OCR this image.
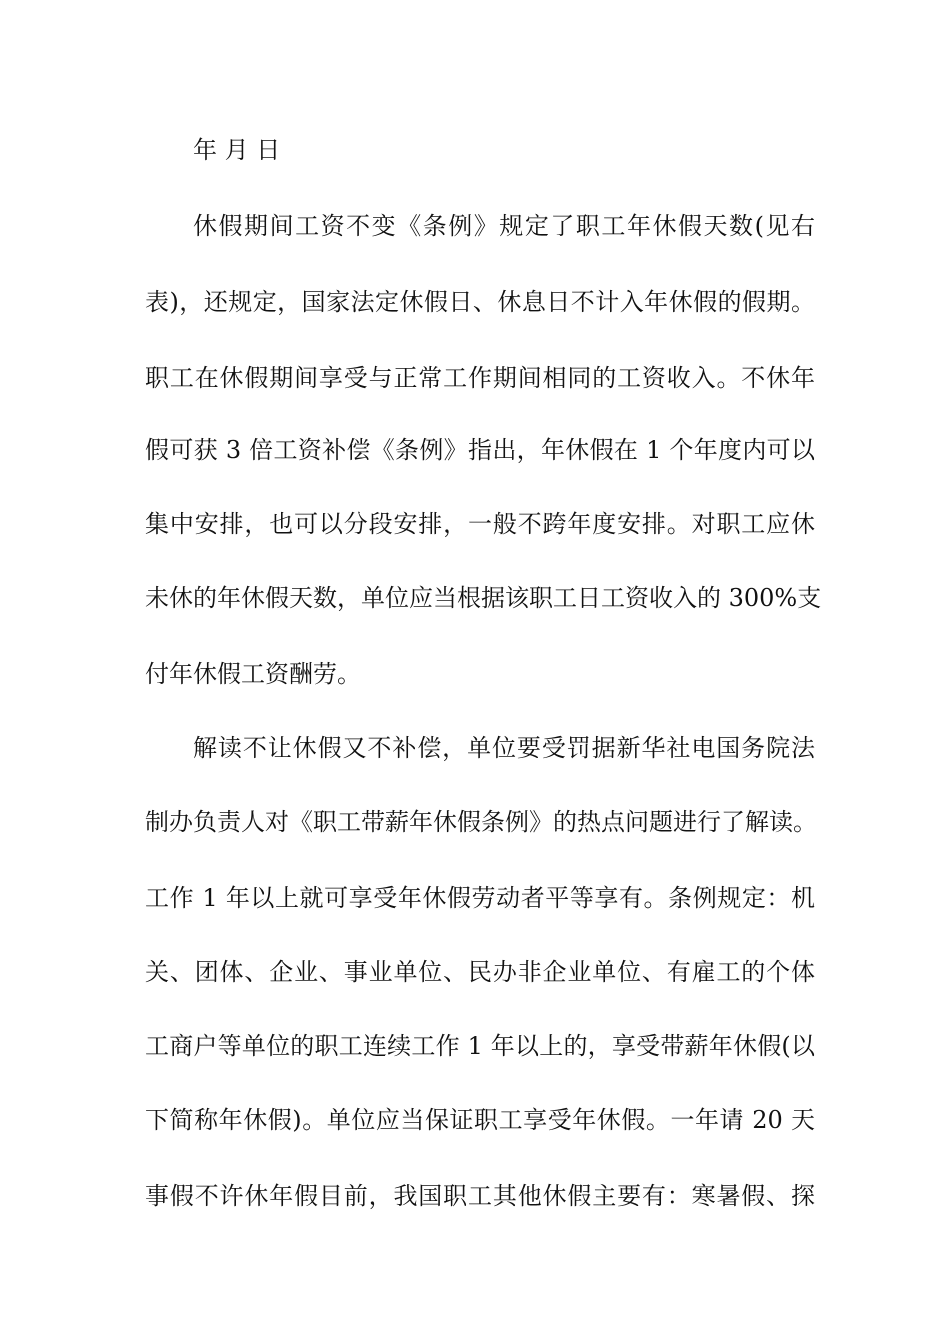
年 月 日
休假期间工资不变《条例》规定了职工年休假天数(见右
表)，还规定，国家法定休假日、休息日不计入年休假的假期。
职工在休假期间享受与正常工作期间相同的工资收入。不休年
假可获 3 倍工资补偿《条例》指出，年休假在 1 个年度内可以
集中安排，也可以分段安排，一般不跨年度安排。对职工应休
未休的年休假天数，单位应当根据该职工日工资收入的 300%支
付年休假工资酬劳。
解读不让休假又不补偿，单位要受罚据新华社电国务院法
制办负责人对《职工带薪年休假条例》的热点问题进行了解读。
工作 1 年以上就可享受年休假劳动者平等享有。条例规定：机
关、团体、企业、事业单位、民办非企业单位、有雇工的个体
工商户等单位的职工连续工作 1 年以上的，享受带薪年休假(以
下简称年休假)。单位应当保证职工享受年休假。一年请 20 天
事假不许休年假目前，我国职工其他休假主要有：寒暑假、探
